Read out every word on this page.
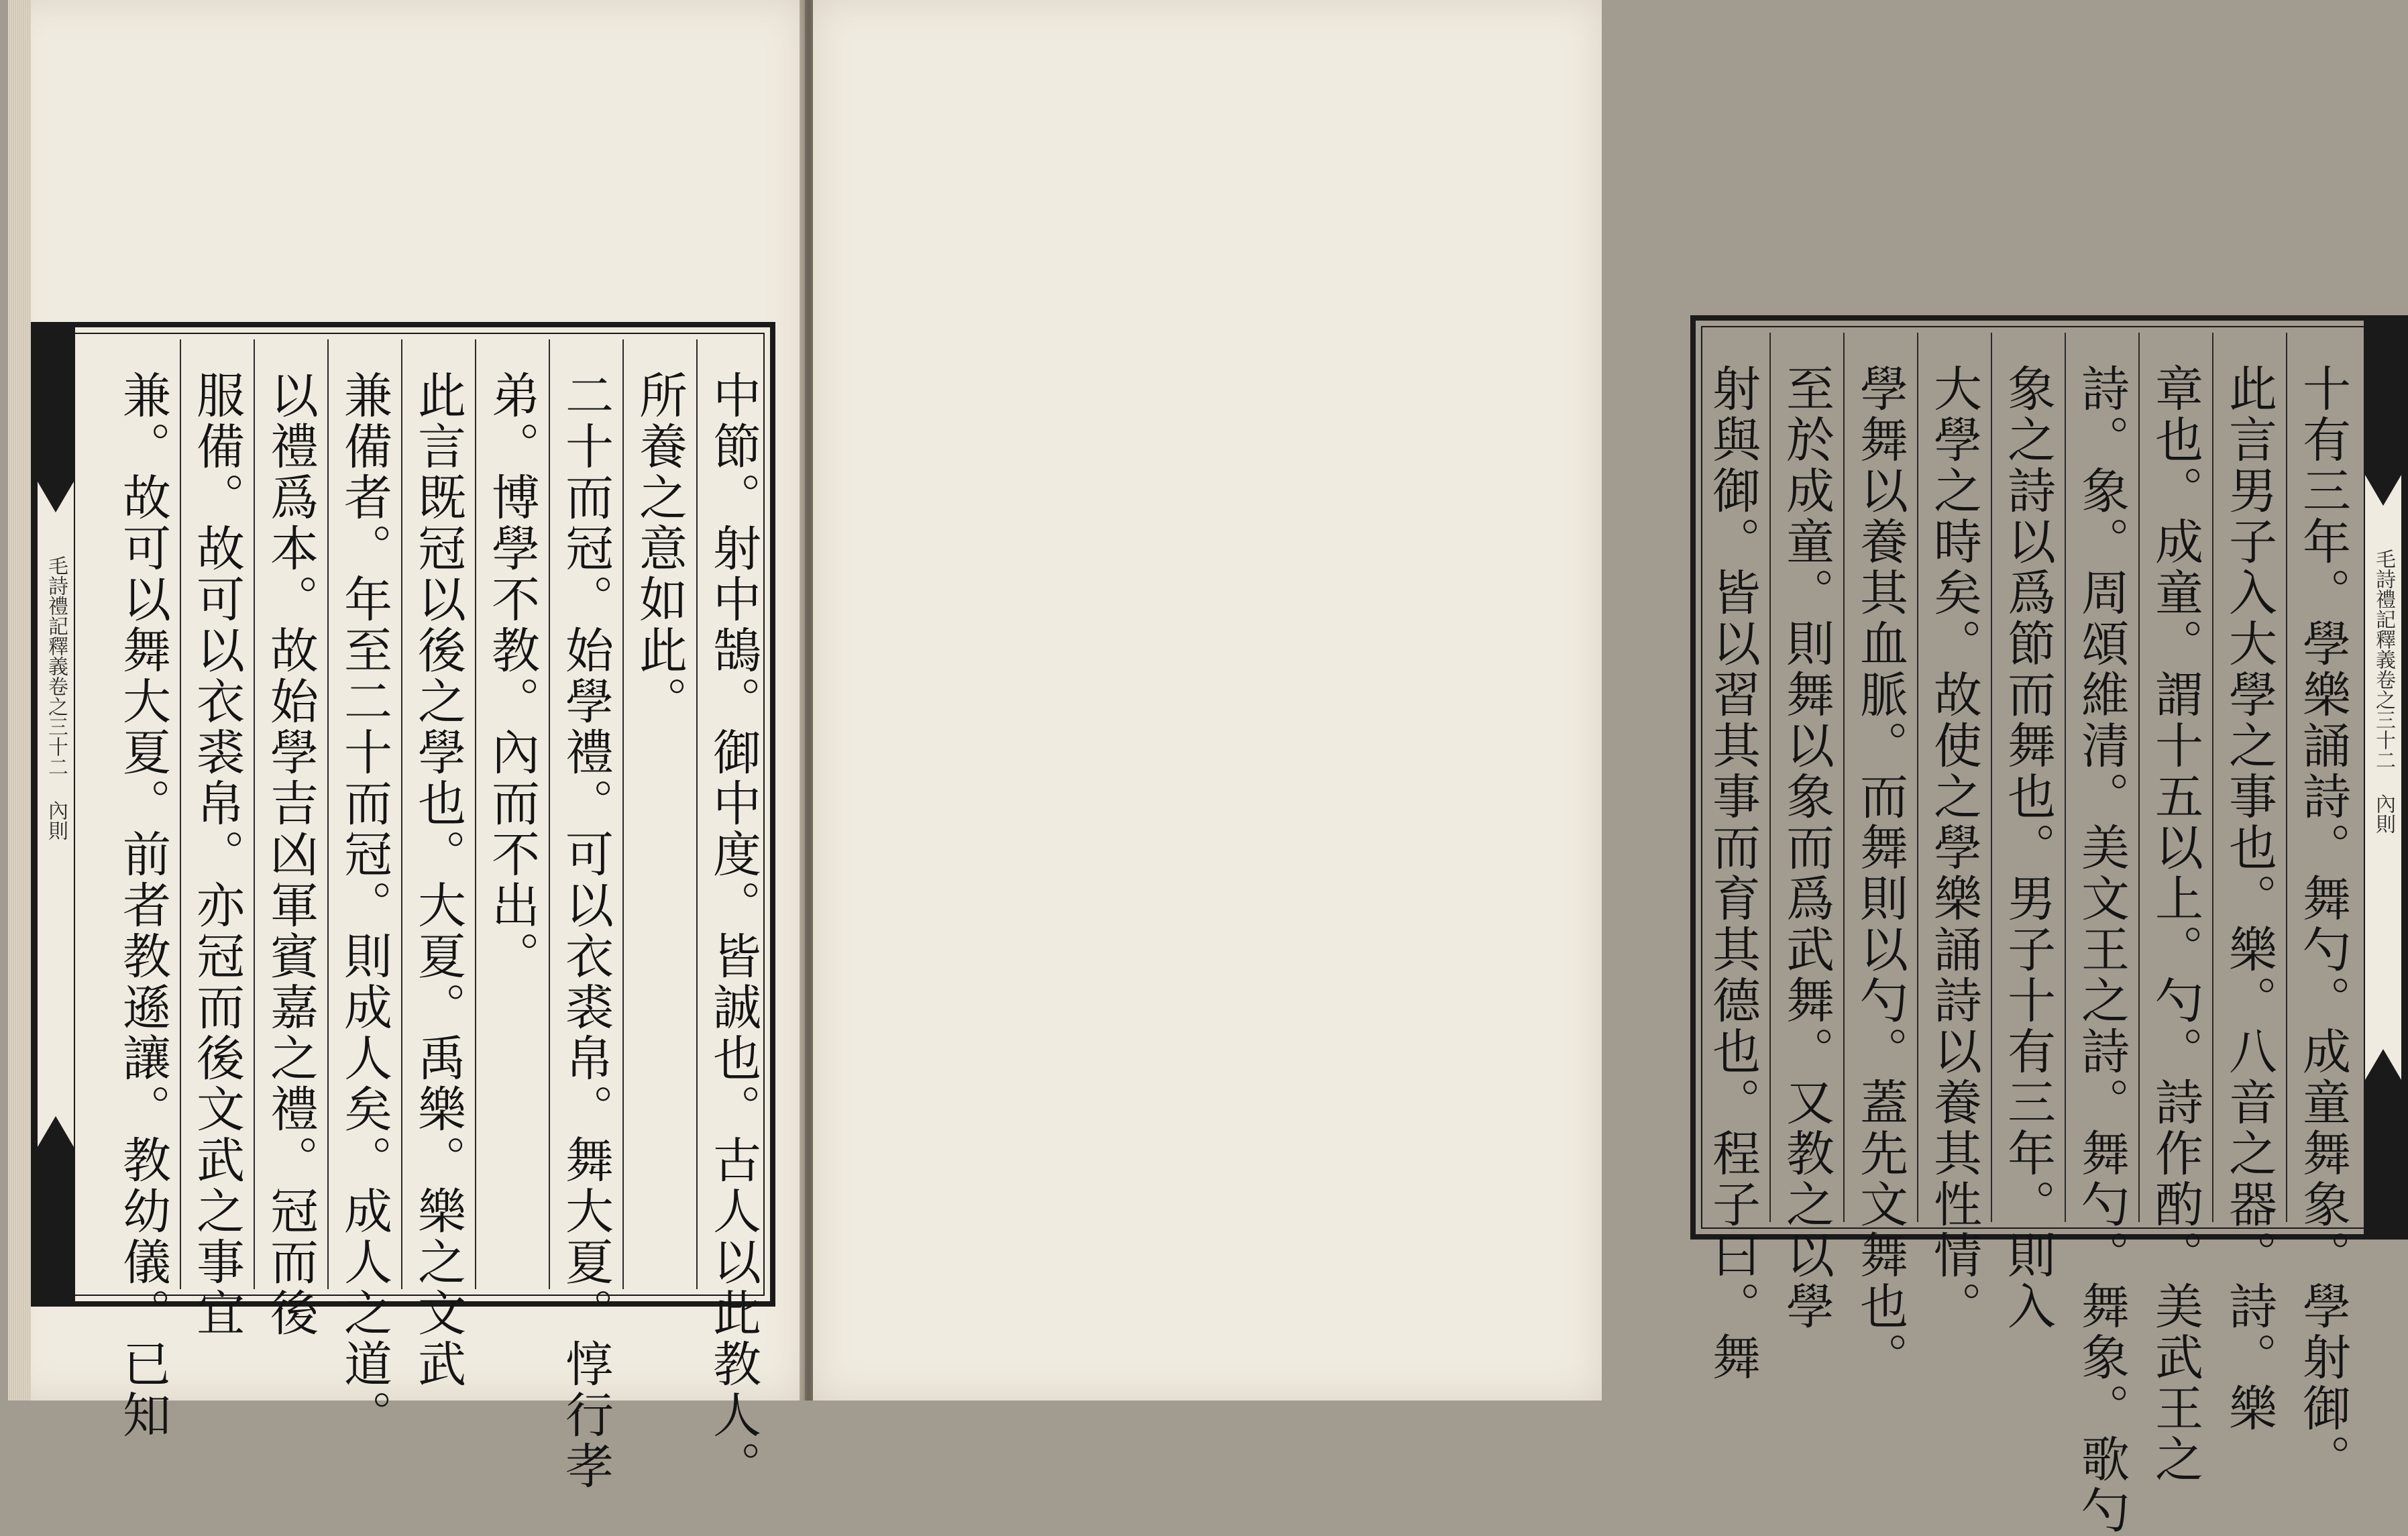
毛詩禮記釋義卷之三十二 內則	中節。射中鵠。御中度。皆誠也。古人以此教人。
所養之意如此。
二十而冠。始學禮。可以衣裘帛。舞大夏。惇行孝
弟。博學不教。內而不出。
此言既冠以後之學也。大夏。禹樂。樂之文武
兼備者。年至二十而冠。則成人矣。成人之道。
以禮爲本。故始學吉凶軍賓嘉之禮。冠而後
服備。故可以衣裘帛。亦冠而後文武之事宜
兼。故可以舞大夏。前者教遜讓。教幼儀。已知	毛詩禮記釋義卷之三十二 內則
十有三年。學樂誦詩。舞勺。成童舞象。學射御。
此言男子入大學之事也。樂。八音之器。詩。樂
章也。成童。謂十五以上。勺。詩作酌。美武王之
詩。象。周頌維清。美文王之詩。舞勺。舞象。歌勺
象之詩以爲節而舞也。男子十有三年。則入
大學之時矣。故使之學樂誦詩以養其性情。
學舞以養其血脈。而舞則以勺。蓋先文舞也。
至於成童。則舞以象而爲武舞。又教之以學
射與御。皆以習其事而育其德也。程子曰。舞
